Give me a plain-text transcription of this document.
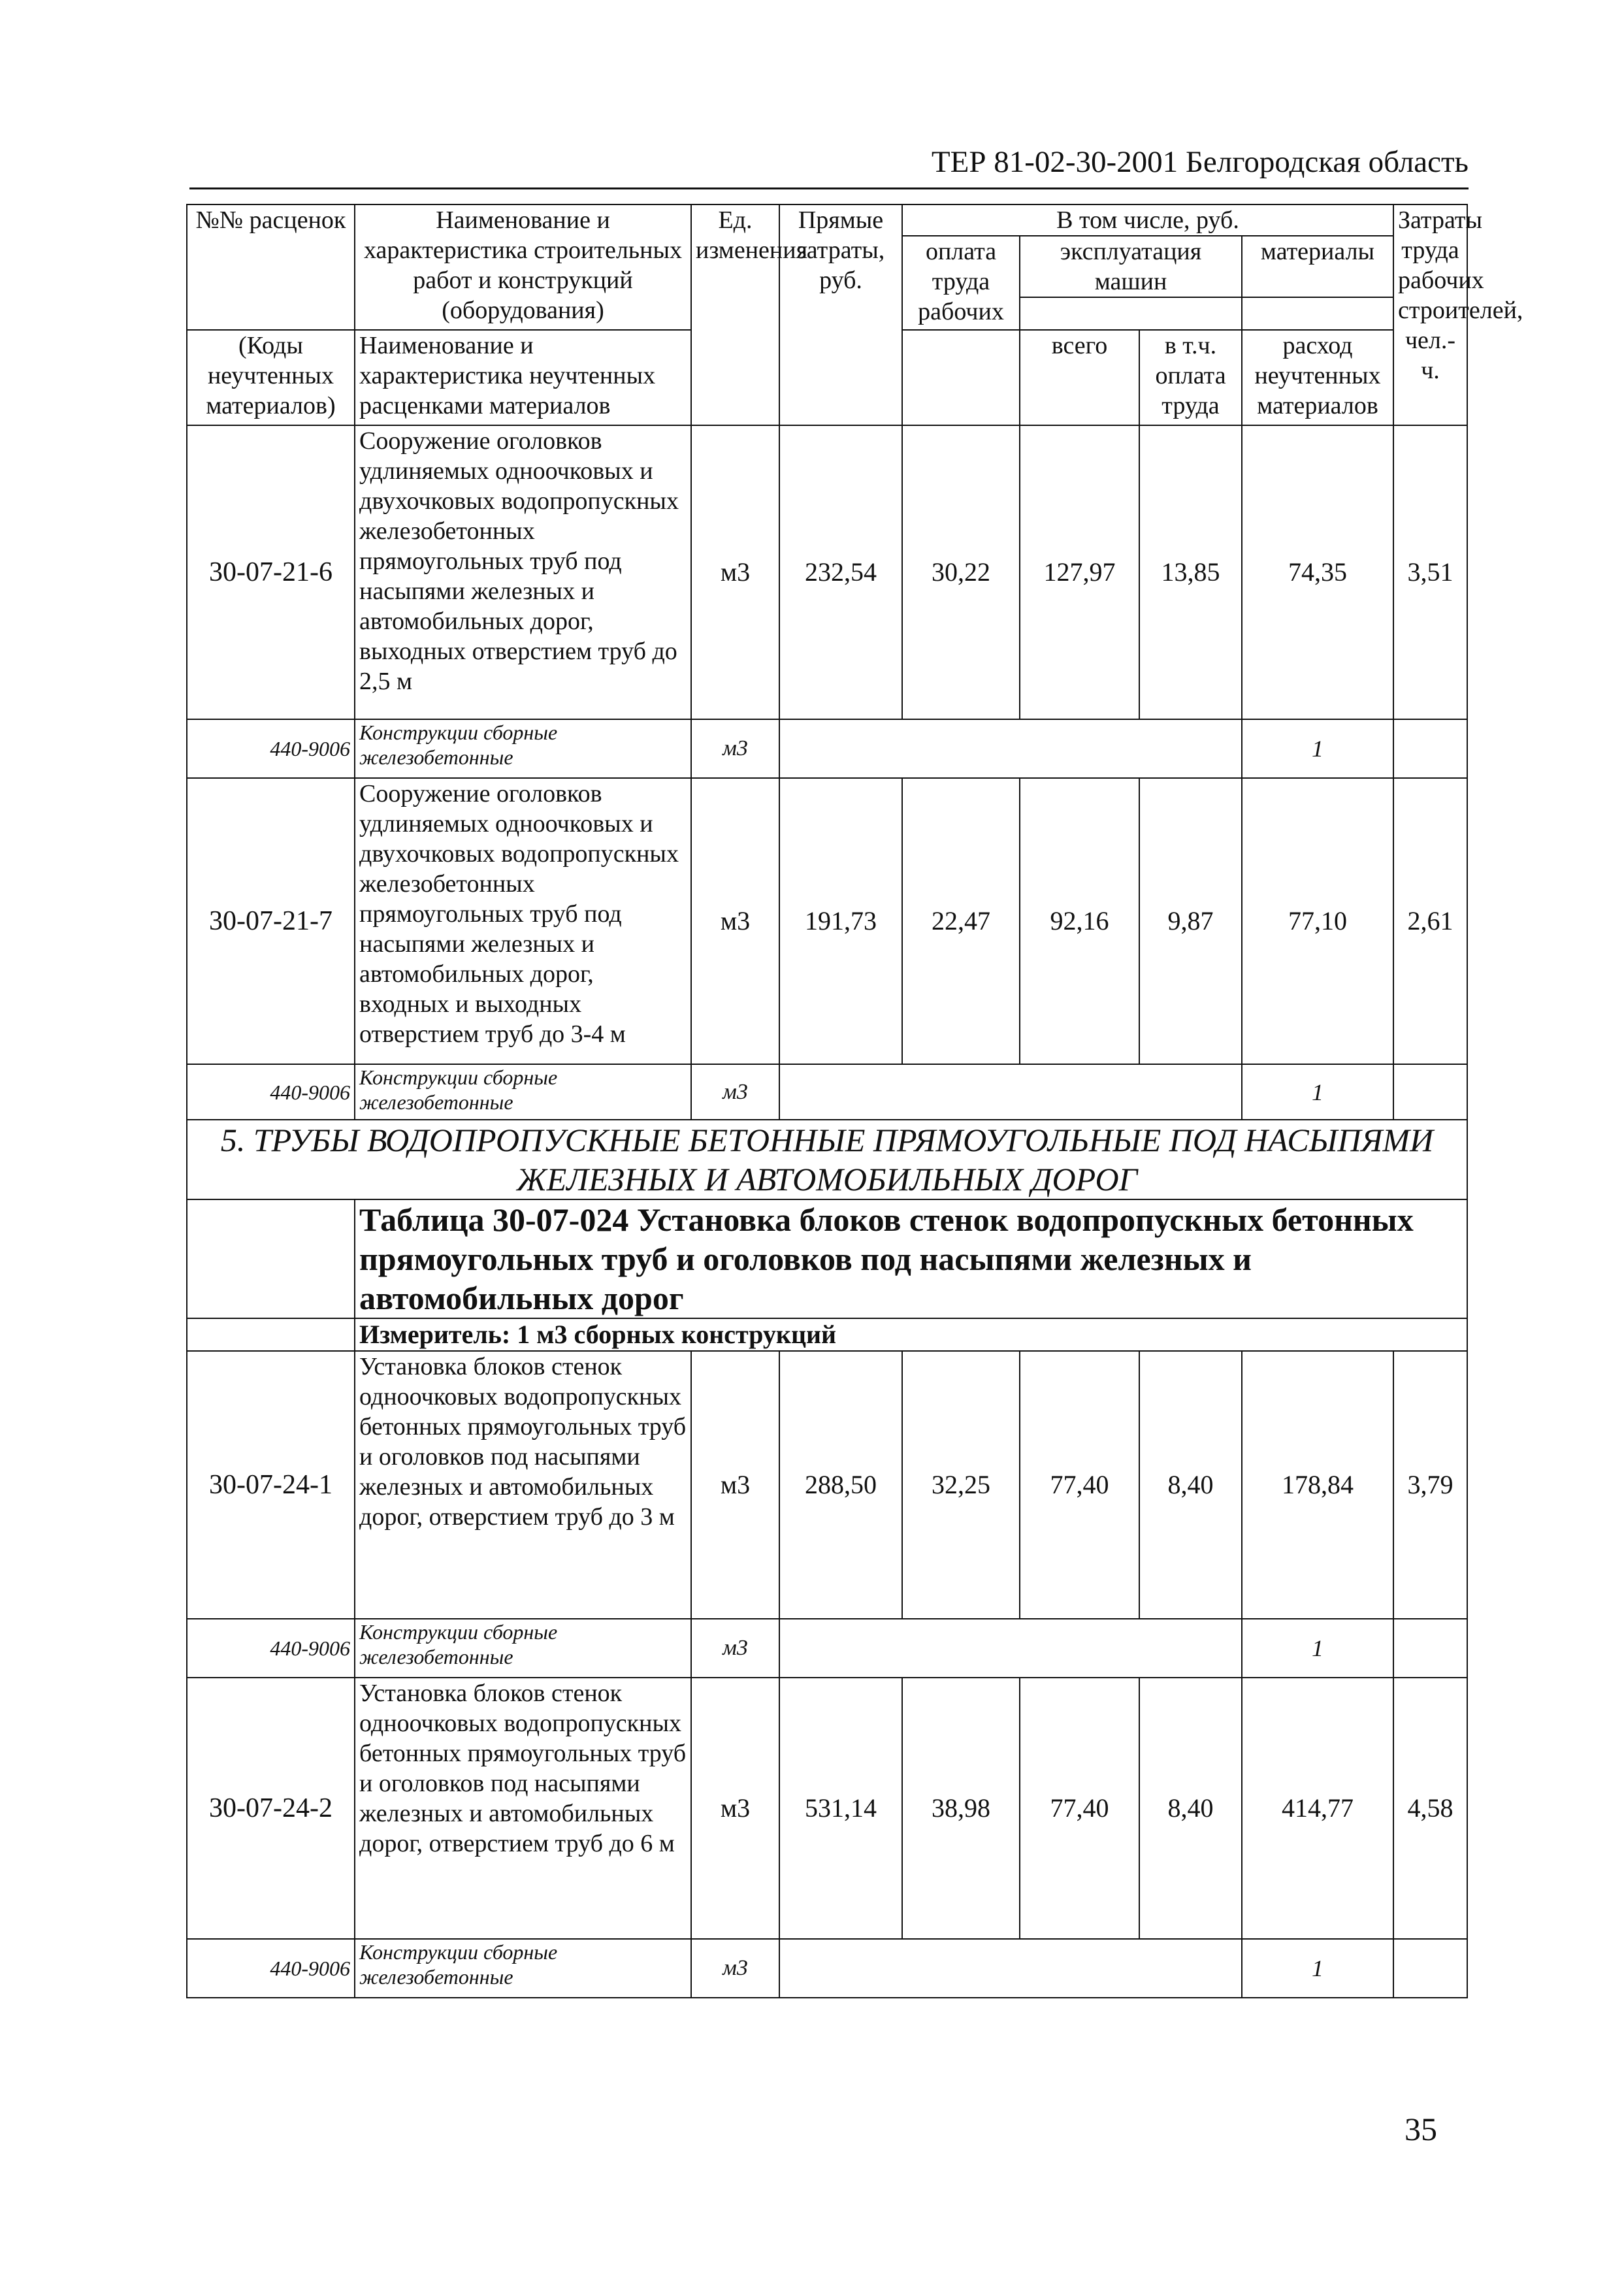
ТЕР 81-02-30-2001 Белгородская область
№№ расценок	Наименование и характеристика строительных работ и конструкций (оборудования)	Ед. изменения	Прямые затраты, руб.	В том числе, руб.				Затраты труда рабочих строителей, чел.-ч.
				оплата труда рабочих	эксплуатация машин		материалы	

(Коды неучтенных материалов)	Наименование и характеристика неучтенных расценками материалов				всего	в т.ч. оплата труда	расход неучтенных материалов	

30-07-21-6	Сооружение оголовков удлиняемых одноочковых и двухочковых водопропускных железобетонных прямоугольных труб под насыпями железных и автомобильных дорог, выходных отверстием труб до 2,5 м	м3	232,54	30,22	127,97	13,85	74,35	3,51
440-9006	Конструкции сборные железобетонные	м3					1	
30-07-21-7	Сооружение оголовков удлиняемых одноочковых и двухочковых водопропускных железобетонных прямоугольных труб под насыпями железных и автомобильных дорог, входных и выходных отверстием труб до 3-4 м	м3	191,73	22,47	92,16	9,87	77,10	2,61
440-9006	Конструкции сборные железобетонные	м3					1	
5. ТРУБЫ ВОДОПРОПУСКНЫЕ БЕТОННЫЕ ПРЯМОУГОЛЬНЫЕ ПОД НАСЫПЯМИ ЖЕЛЕЗНЫХ И АВТОМОБИЛЬНЫХ ДОРОГ								
	Таблица 30-07-024 Установка блоков стенок водопропускных бетонных прямоугольных труб и оголовков под насыпями железных и автомобильных дорог							
	Измеритель: 1 м3 сборных конструкций							
30-07-24-1	Установка блоков стенок одноочковых водопропускных бетонных прямоугольных труб и оголовков под насыпями железных и автомобильных дорог, отверстием труб до 3 м	м3	288,50	32,25	77,40	8,40	178,84	3,79
440-9006	Конструкции сборные железобетонные	м3					1	
30-07-24-2	Установка блоков стенок одноочковых водопропускных бетонных прямоугольных труб и оголовков под насыпями железных и автомобильных дорог, отверстием труб до 6 м	м3	531,14	38,98	77,40	8,40	414,77	4,58
440-9006	Конструкции сборные железобетонные	м3					1	
35
